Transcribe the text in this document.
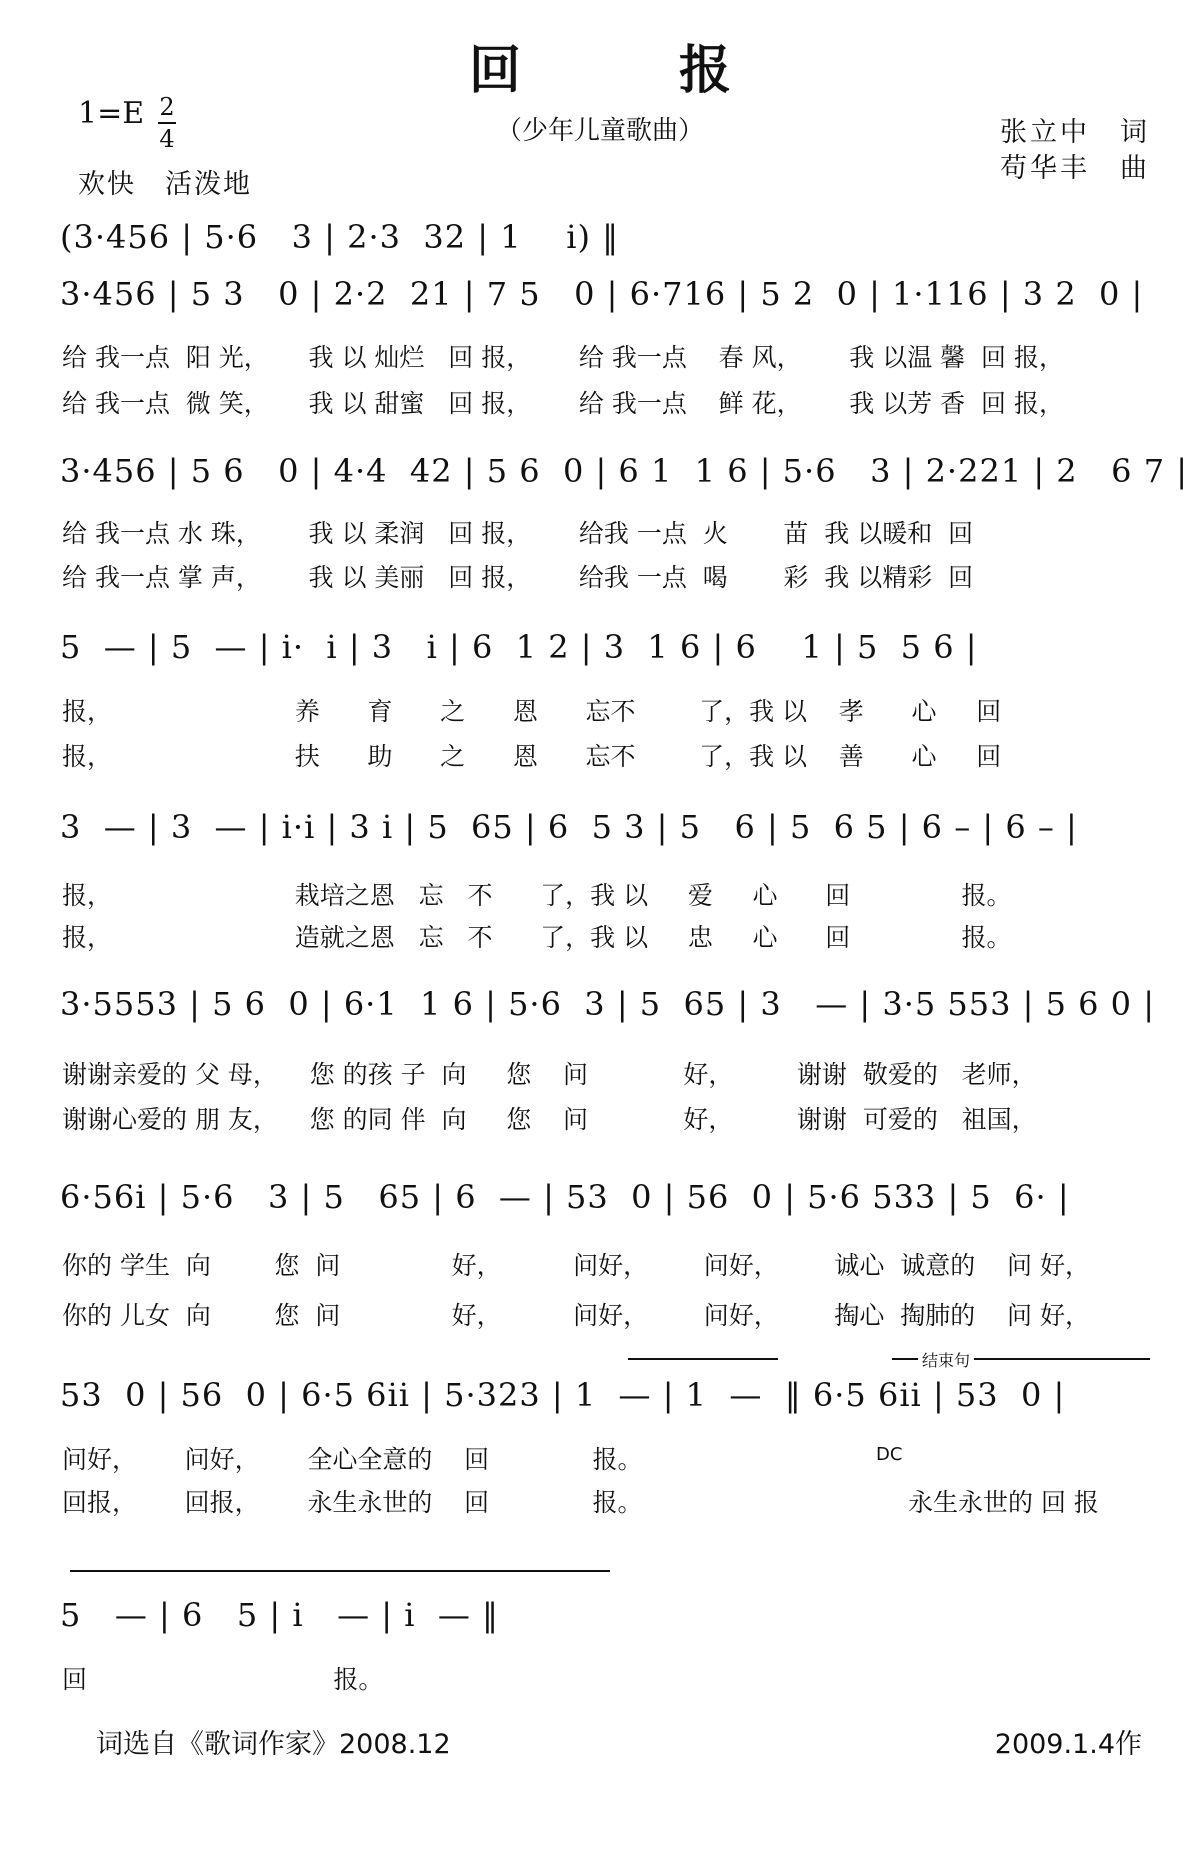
回 报
（少年儿童歌曲）
1=E 2
4
欢快　活泼地
张立中　词
苟华丰　曲
(3·456 | 5·6   3 | 2·3  32 | 1    i) ‖
3·456 | 5 3   0 | 2·2  21 | 7 5   0 | 6·716 | 5 2  0 | 1·116 | 3 2  0 |
给 我一点  阳 光，     我 以 灿烂   回 报，      给 我一点    春 风，      我 以温 馨  回 报，
给 我一点  微 笑，     我 以 甜蜜   回 报，      给 我一点    鲜 花，      我 以芳 香  回 报，
3·456 | 5 6   0 | 4·4  42 | 5 6  0 | 6 1  1 6 | 5·6   3 | 2·221 | 2   6 7 |
给 我一点 水 珠，      我 以 柔润   回 报，      给我 一点  火       苗  我 以暖和  回
给 我一点 掌 声，      我 以 美丽   回 报，      给我 一点  喝       彩  我 以精彩  回
5  — | 5  — | i·  i | 3   i | 6  1 2 | 3  1 6 | 6    1 | 5  5 6 |
报，                       养      育      之      恩      忘不        了，我 以    孝      心     回
报，                       扶      助      之      恩      忘不        了，我 以    善      心     回
3  — | 3  — | i·i | 3 i | 5  65 | 6  5 3 | 5   6 | 5  6 5 | 6 – | 6 – |
报，                       栽培之恩   忘   不      了，我 以     爱     心      回              报。
报，                       造就之恩   忘   不      了，我 以     忠     心      回              报。
3·5553 | 5 6  0 | 6·1  1 6 | 5·6  3 | 5  65 | 3   — | 3·5 553 | 5 6 0 |
谢谢亲爱的 父 母，    您 的孩 子  向     您    问            好，        谢谢  敬爱的   老师，
谢谢心爱的 朋 友，    您 的同 伴  向     您    问            好，        谢谢  可爱的   祖国，
6·56i | 5·6   3 | 5   65 | 6  — | 53  0 | 56  0 | 5·6 533 | 5  6· |
你的 学生  向        您  问              好，         问好，       问好，       诚心  诚意的    问 好，
你的 儿女  向        您  问              好，         问好，       问好，       掏心  掏肺的    问 好，
结束句
53  0 | 56  0 | 6·5 6ii | 5·323 | 1  — | 1  —  ‖ 6·5 6ii | 53  0 |
问好，      问好，      全心全意的    回             报。
回报，      回报，      永生永世的    回             报。
DC
永生永世的 回 报
5   — | 6   5 | i   — | i  — ‖
回                               报。
词选自《歌词作家》2008.12	2009.1.4作
